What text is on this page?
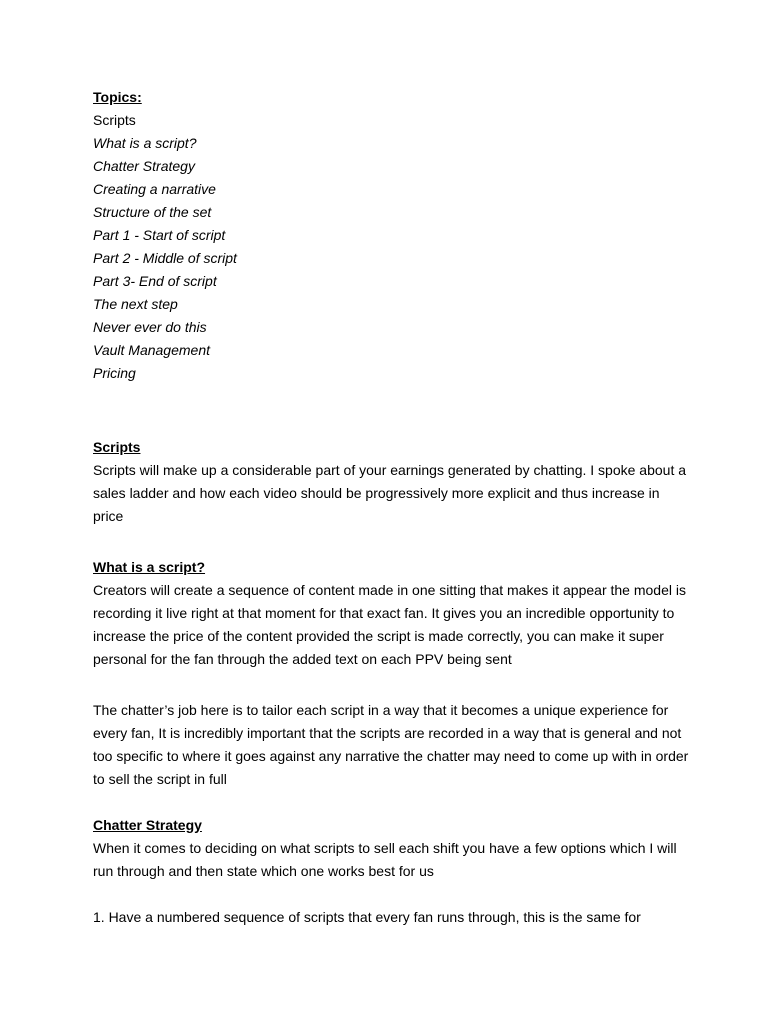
Topics:
Scripts
What is a script?
Chatter Strategy
Creating a narrative
Structure of the set
Part 1 - Start of script
Part 2 - Middle of script
Part 3- End of script
The next step
Never ever do this
Vault Management
Pricing
Scripts

Scripts will make up a considerable part of your earnings generated by chatting. I spoke about a sales ladder and how each video should be progressively more explicit and thus increase in price

What is a script?

Creators will create a sequence of content made in one sitting that makes it appear the model is recording it live right at that moment for that exact fan. It gives you an incredible opportunity to increase the price of the content provided the script is made correctly, you can make it super personal for the fan through the added text on each PPV being sent

The chatter’s job here is to tailor each script in a way that it becomes a unique experience for every fan, It is incredibly important that the scripts are recorded in a way that is general and not too specific to where it goes against any narrative the chatter may need to come up with in order to sell the script in full

Chatter Strategy

When it comes to deciding on what scripts to sell each shift you have a few options which I will run through and then state which one works best for us

1. Have a numbered sequence of scripts that every fan runs through, this is the same for
